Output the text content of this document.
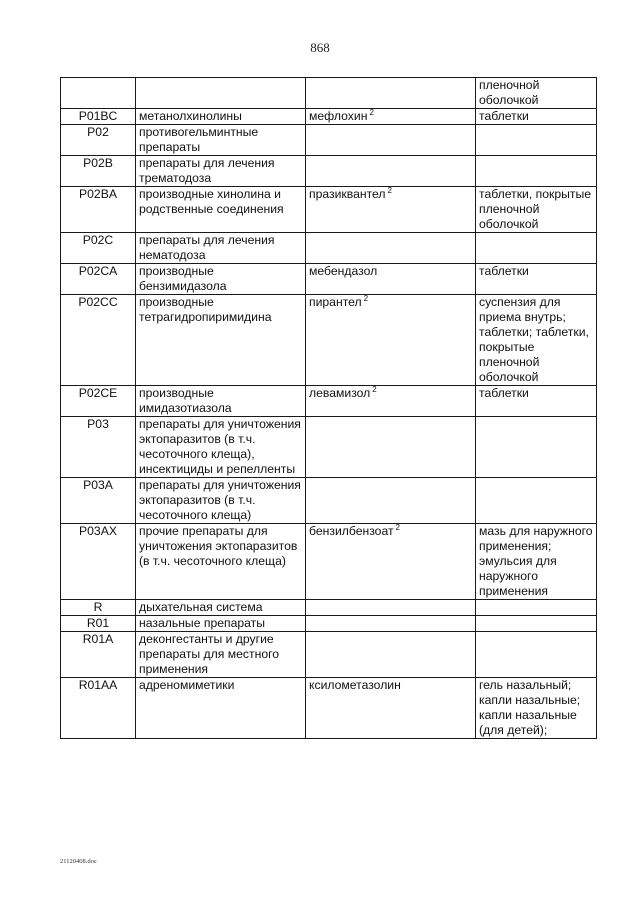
868
			пленочной оболочкой
P01BC	метанолхинолины	мефлохин $^2$	таблетки
P02	противогельминтные препараты		
P02B	препараты для лечения трематодоза		
P02BA	производные хинолина и родственные соединения	празиквантел $^2$	таблетки, покрытые пленочной оболочкой
P02C	препараты для лечения нематодоза		
P02CA	производные бензимидазола	мебендазол	таблетки
P02CC	производные тетрагидропиримидина	пирантел $^2$	суспензия для приема внутрь; таблетки; таблетки, покрытые пленочной оболочкой
P02CE	производные имидазотиазола	левамизол $^2$	таблетки
P03	препараты для уничтожения эктопаразитов (в т.ч. чесоточного клеща), инсектициды и репелленты		
P03A	препараты для уничтожения эктопаразитов (в т.ч. чесоточного клеща)		
P03AX	прочие препараты для уничтожения эктопаразитов (в т.ч. чесоточного клеща)	бензилбензоат $^2$	мазь для наружного применения; эмульсия для наружного применения
R	дыхательная система		
R01	назальные препараты		
R01A	деконгестанты и другие препараты для местного применения		
R01AA	адреномиметики	ксилометазолин	гель назальный; капли назальные; капли назальные (для детей);
21120408.doc
